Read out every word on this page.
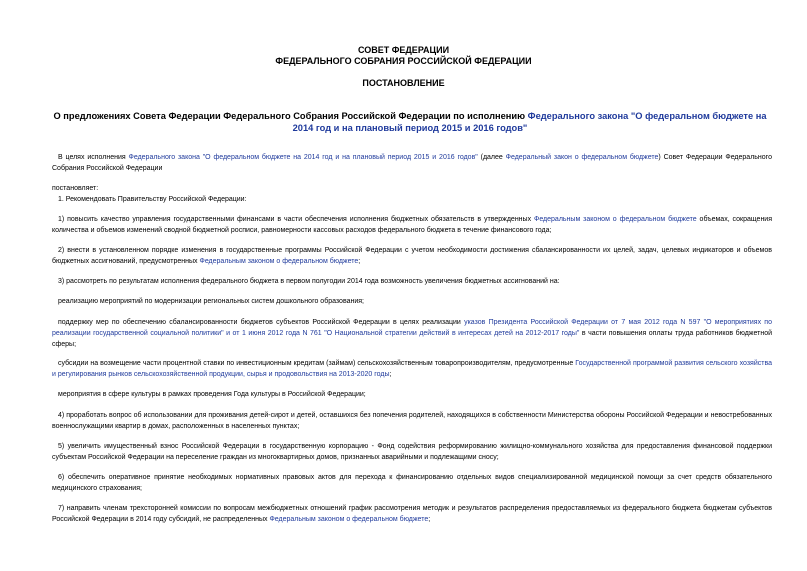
СОВЕТ ФЕДЕРАЦИИ
ФЕДЕРАЛЬНОГО СОБРАНИЯ РОССИЙСКОЙ ФЕДЕРАЦИИ
ПОСТАНОВЛЕНИЕ
О предложениях Совета Федерации Федерального Собрания Российской Федерации по исполнению Федерального закона "О федеральном бюджете на 2014 год и на плановый период 2015 и 2016 годов"
В целях исполнения Федерального закона "О федеральном бюджете на 2014 год и на плановый период 2015 и 2016 годов" (далее Федеральный закон о федеральном бюджете) Совет Федерации Федерального Собрания Российской Федерации
постановляет:
1. Рекомендовать Правительству Российской Федерации:
1) повысить качество управления государственными финансами в части обеспечения исполнения бюджетных обязательств в утвержденных Федеральным законом о федеральном бюджете объемах, сокращения количества и объемов изменений сводной бюджетной росписи, равномерности кассовых расходов федерального бюджета в течение финансового года;
2) внести в установленном порядке изменения в государственные программы Российской Федерации с учетом необходимости достижения сбалансированности их целей, задач, целевых индикаторов и объемов бюджетных ассигнований, предусмотренных Федеральным законом о федеральном бюджете;
3) рассмотреть по результатам исполнения федерального бюджета в первом полугодии 2014 года возможность увеличения бюджетных ассигнований на:
реализацию мероприятий по модернизации региональных систем дошкольного образования;
поддержку мер по обеспечению сбалансированности бюджетов субъектов Российской Федерации в целях реализации указов Президента Российской Федерации от 7 мая 2012 года N 597 "О мероприятиях по реализации государственной социальной политики" и от 1 июня 2012 года N 761 "О Национальной стратегии действий в интересах детей на 2012-2017 годы" в части повышения оплаты труда работников бюджетной сферы;
субсидии на возмещение части процентной ставки по инвестиционным кредитам (займам) сельскохозяйственным товаропроизводителям, предусмотренные Государственной программой развития сельского хозяйства и регулирования рынков сельскохозяйственной продукции, сырья и продовольствия на 2013-2020 годы;
мероприятия в сфере культуры в рамках проведения Года культуры в Российской Федерации;
4) проработать вопрос об использовании для проживания детей-сирот и детей, оставшихся без попечения родителей, находящихся в собственности Министерства обороны Российской Федерации и невостребованных военнослужащими квартир в домах, расположенных в населенных пунктах;
5) увеличить имущественный взнос Российской Федерации в государственную корпорацию - Фонд содействия реформированию жилищно-коммунального хозяйства для предоставления финансовой поддержки субъектам Российской Федерации на переселение граждан из многоквартирных домов, признанных аварийными и подлежащими сносу;
6) обеспечить оперативное принятие необходимых нормативных правовых актов для перехода к финансированию отдельных видов специализированной медицинской помощи за счет средств обязательного медицинского страхования;
7) направить членам трехсторонней комиссии по вопросам межбюджетных отношений график рассмотрения методик и результатов распределения предоставляемых из федерального бюджета бюджетам субъектов Российской Федерации в 2014 году субсидий, не распределенных Федеральным законом о федеральном бюджете;
